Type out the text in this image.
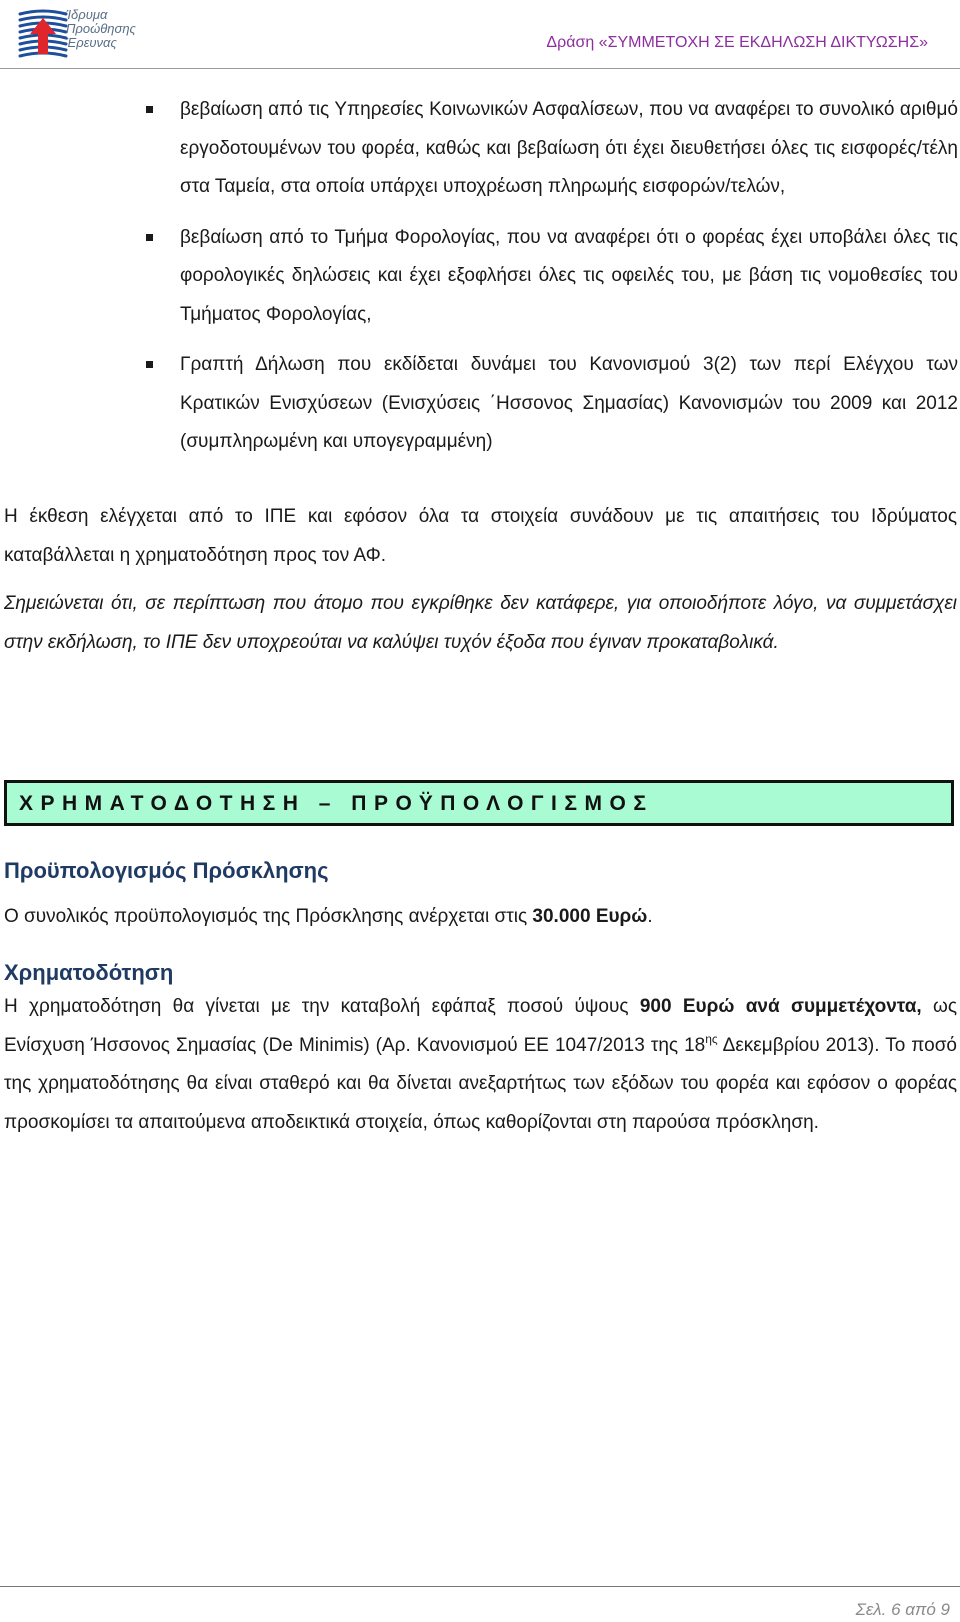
Ίδρυμα
Προώθησης
Έρευνας	Δράση «ΣΥΜΜΕΤΟΧΗ ΣΕ ΕΚΔΗΛΩΣΗ ΔΙΚΤΥΩΣΗΣ»
βεβαίωση από τις Υπηρεσίες Κοινωνικών Ασφαλίσεων, που να αναφέρει το συνολικό αριθμό εργοδοτουμένων του φορέα, καθώς και βεβαίωση ότι έχει διευθετήσει όλες τις εισφορές/τέλη στα Ταμεία, στα οποία υπάρχει υποχρέωση πληρωμής εισφορών/τελών,
βεβαίωση από το Τμήμα Φορολογίας, που να αναφέρει ότι ο φορέας έχει υποβάλει όλες τις φορολογικές δηλώσεις και έχει εξοφλήσει όλες τις οφειλές του, με βάση τις νομοθεσίες του Τμήματος Φορολογίας,
Γραπτή Δήλωση που εκδίδεται δυνάμει του Κανονισμού 3(2) των περί Ελέγχου των Κρατικών Ενισχύσεων (Ενισχύσεις ΄Ησσονος Σημασίας) Κανονισμών του 2009 και 2012 (συμπληρωμένη και υπογεγραμμένη)

Η έκθεση ελέγχεται από το ΙΠΕ και εφόσον όλα τα στοιχεία συνάδουν με τις απαιτήσεις του Ιδρύματος καταβάλλεται η χρηματοδότηση προς τον ΑΦ.

Σημειώνεται ότι, σε περίπτωση που άτομο που εγκρίθηκε δεν κατάφερε, για οποιοδήποτε λόγο, να συμμετάσχει στην εκδήλωση, το ΙΠΕ δεν υποχρεούται να καλύψει τυχόν έξοδα που έγιναν προκαταβολικά.

ΧΡΗΜΑΤΟΔΟΤΗΣΗ – ΠΡΟΫΠΟΛΟΓΙΣΜΟΣ
Προϋπολογισμός Πρόσκλησης

Ο συνολικός προϋπολογισμός της Πρόσκλησης ανέρχεται στις 30.000 Ευρώ.

Χρηματοδότηση

Η χρηματοδότηση θα γίνεται με την καταβολή εφάπαξ ποσού ύψους 900 Ευρώ ανά συμμετέχοντα, ως Ενίσχυση Ήσσονος Σημασίας (De Minimis) (Αρ. Κανονισμού ΕΕ 1047/2013 της $18^{\eta\varsigma}$ Δεκεμβρίου 2013). Το ποσό της χρηματοδότησης θα είναι σταθερό και θα δίνεται ανεξαρτήτως των εξόδων του φορέα και εφόσον ο φορέας προσκομίσει τα απαιτούμενα αποδεικτικά στοιχεία, όπως καθορίζονται στη παρούσα πρόσκληση.

Σελ. 6 από 9
